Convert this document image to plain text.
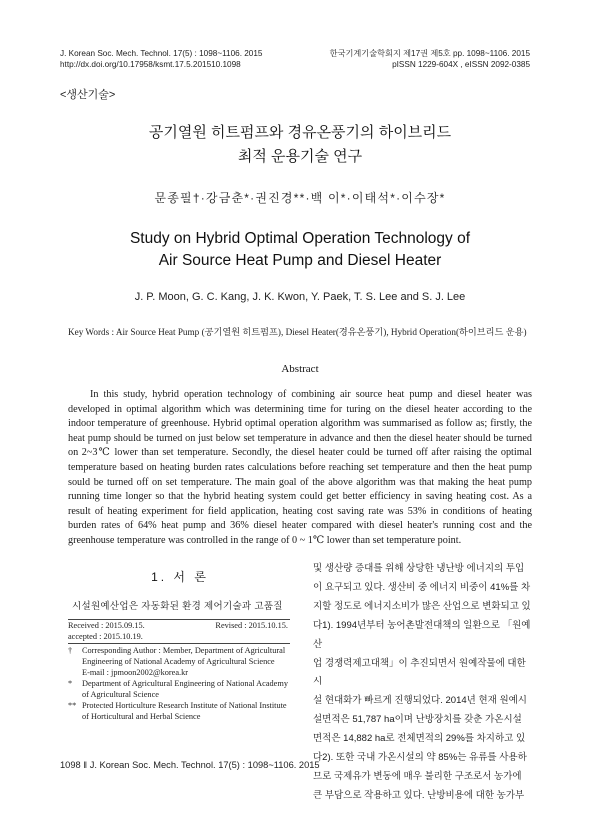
J. Korean Soc. Mech. Technol. 17(5) : 1098~1106. 2015
http://dx.doi.org/10.17958/ksmt.17.5.201510.1098
한국기계기술학회지 제17권 제5호 pp. 1098~1106. 2015
pISSN 1229-604X , eISSN 2092-0385
<생산기술>
공기열원 히트펌프와 경유온풍기의 하이브리드
최적 운용기술 연구
문종필†·강금춘*·권진경**·백 이*·이태석*·이수장*
Study on Hybrid Optimal Operation Technology of
Air Source Heat Pump and Diesel Heater
J. P. Moon, G. C. Kang, J. K. Kwon, Y. Paek, T. S. Lee and S. J. Lee
Key Words : Air Source Heat Pump (공기열원 히트펌프), Diesel Heater(경유온풍기), Hybrid Operation(하이브리드 운용)
Abstract
In this study, hybrid operation technology of combining air source heat pump and diesel heater was developed in optimal algorithm which was determining time for turing on the diesel heater according to the indoor temperature of greenhouse. Hybrid optimal operation algorithm was summarised as follow as; firstly, the heat pump should be turned on just below set temperature in advance and then the diesel heater should be turned on 2~3℃ lower than set temperature. Secondly, the diesel heater could be turned off after raising the optimal temperature based on heating burden rates calculations before reaching set temperature and then the heat pump sould be turned off on set temperature. The main goal of the above algorithm was that making the heat pump running time longer so that the hybrid heating system could get better efficiency in saving heating cost. As a result of heating experiment for field application, heating cost saving rate was 53% in conditions of heating burden rates of 64% heat pump and 36% diesel heater compared with diesel heater's running cost and the greenhouse temperature was controlled in the range of 0 ~ 1℃ lower than set temperature point.
1. 서 론
시설원예산업은 자동화된 환경 제어기술과 고품질
Received : 2015.09.15.	Revised : 2015.10.15.
accepted : 2015.10.19.
†	Corresponding Author : Member, Department of Agricultural Engineering of National Academy of Agricultural Science
E-mail : jpmoon2002@korea.kr
*	Department of Agricultural Engineering of National Academy of Agricultural Science
** Protected Horticulture Research Institute of National Institute of Horticultural and Herbal Science
및 생산량 증대를 위해 상당한 냉난방 에너지의 투입
이 요구되고 있다. 생산비 중 에너지 비중이 41%를 차
지할 정도로 에너지소비가 많은 산업으로 변화되고 있
다1). 1994년부터 농어촌발전대책의 일환으로 「원예산
업 경쟁력제고대책」이 추진되면서 원예작물에 대한 시
설 현대화가 빠르게 진행되었다. 2014년 현재 원예시
설면적은 51,787 ha이며 난방장치를 갖춘 가온시설
면적은 14,882 ha로 전체면적의 29%를 차지하고 있
다2). 또한 국내 가온시설의 약 85%는 유류를 사용하
므로 국제유가 변동에 매우 불리한 구조로서 농가에
큰 부담으로 작용하고 있다. 난방비용에 대한 농가부
1098 ‖ J. Korean Soc. Mech. Technol. 17(5) : 1098~1106. 2015
